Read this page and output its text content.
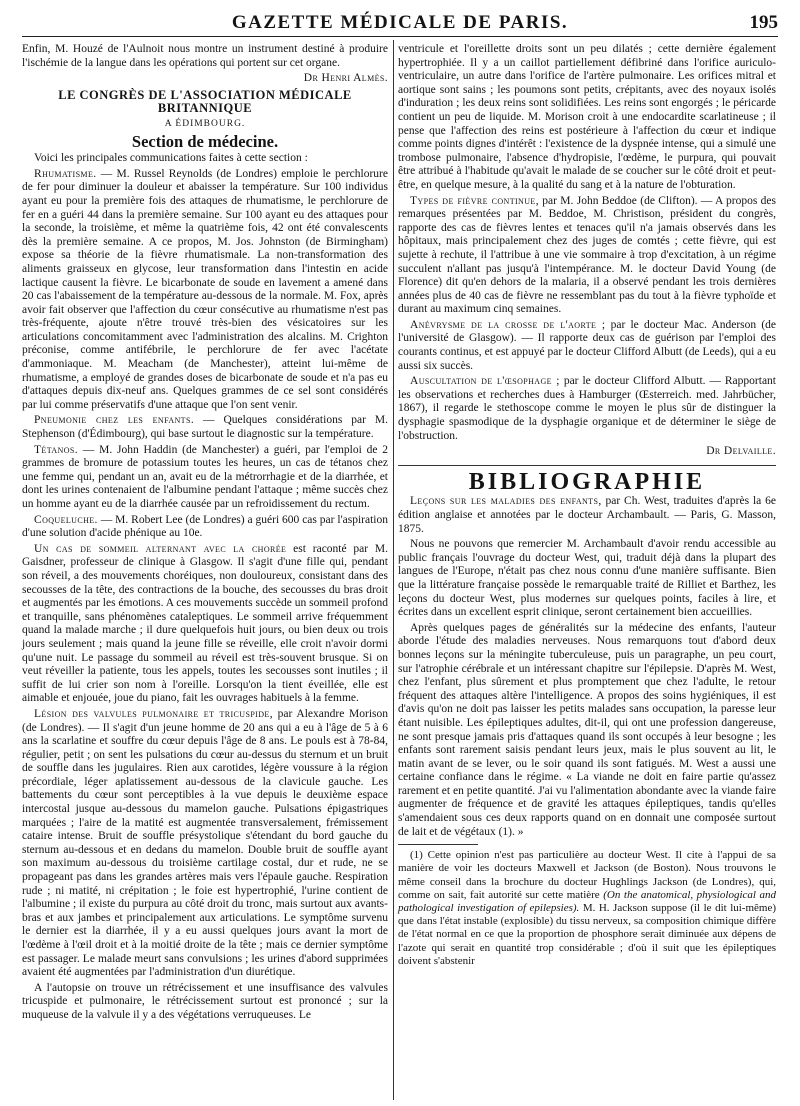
GAZETTE MÉDICALE DE PARIS.	195

Enfin, M. Houzé de l'Aulnoit nous montre un instrument destiné à produire l'ischémie de la langue dans les opérations qui portent sur cet organe.

Dr Henri Almès.

LE CONGRÈS DE L'ASSOCIATION MÉDICALE BRITANNIQUE

A ÉDIMBOURG.

Section de médecine.

Voici les principales communications faites à cette section :

Rhumatisme. — M. Russel Reynolds (de Londres) emploie le perchlorure de fer pour diminuer la douleur et abaisser la température. Sur 100 individus ayant eu pour la première fois des attaques de rhumatisme, le perchlorure de fer en a guéri 44 dans la première semaine. Sur 100 ayant eu des attaques pour la seconde, la troisième, et même la quatrième fois, 42 ont été convalescents dès la première semaine. A ce propos, M. Jos. Johnston (de Birmingham) expose sa théorie de la fièvre rhumatismale. La non-transformation des aliments graisseux en glycose, leur transformation dans l'intestin en acide lactique causent la fièvre. Le bicarbonate de soude en lavement a amené dans 20 cas l'abaissement de la température au-dessous de la normale. M. Fox, après avoir fait observer que l'affection du cœur consécutive au rhumatisme n'est pas très-fréquente, ajoute n'être trouvé très-bien des vésicatoires sur les articulations concomitamment avec l'administration des alcalins. M. Crighton préconise, comme antifébrile, le perchlorure de fer avec l'acétate d'ammoniaque. M. Meacham (de Manchester), atteint lui-même de rhumatisme, a employé de grandes doses de bicarbonate de soude et n'a pas eu d'attaques depuis dix-neuf ans. Quelques grammes de ce sel sont considérés par lui comme préservatifs d'une attaque que l'on sent venir.

Pneumonie chez les enfants. — Quelques considérations par M. Stephenson (d'Édimbourg), qui base surtout le diagnostic sur la température.

Tétanos. — M. John Haddin (de Manchester) a guéri, par l'emploi de 2 grammes de bromure de potassium toutes les heures, un cas de tétanos chez une femme qui, pendant un an, avait eu de la métrorrhagie et de la diarrhée, et dont les urines contenaient de l'albumine pendant l'attaque ; même succès chez un homme ayant eu de la diarrhée causée par un refroidissement du rectum.

Coqueluche. — M. Robert Lee (de Londres) a guéri 600 cas par l'aspiration d'une solution d'acide phénique au 10e.

Un cas de sommeil alternant avec la chorée est raconté par M. Gaisdner, professeur de clinique à Glasgow. Il s'agit d'une fille qui, pendant son réveil, a des mouvements choréiques, non douloureux, consistant dans des secousses de la tête, des contractions de la bouche, des secousses du bras droit et augmentés par les émotions. A ces mouvements succède un sommeil profond et tranquille, sans phénomènes cataleptiques. Le sommeil arrive fréquemment quand la malade marche ; il dure quelquefois huit jours, ou bien deux ou trois jours seulement ; mais quand la jeune fille se réveille, elle croit n'avoir dormi qu'une nuit. Le passage du sommeil au réveil est très-souvent brusque. Si on veut réveiller la patiente, tous les appels, toutes les secousses sont inutiles ; il suffit de lui crier son nom à l'oreille. Lorsqu'on la tient éveillée, elle est aimable et enjouée, joue du piano, fait les ouvrages habituels à la femme.

Lésion des valvules pulmonaire et tricuspide, par Alexandre Morison (de Londres). — Il s'agit d'un jeune homme de 20 ans qui a eu à l'âge de 5 à 6 ans la scarlatine et souffre du cœur depuis l'âge de 8 ans. Le pouls est à 78-84, régulier, petit ; on sent les pulsations du cœur au-dessus du sternum et un bruit de souffle dans les jugulaires. Rien aux carotides, légère voussure à la région précordiale, léger aplatissement au-dessous de la clavicule gauche. Les battements du cœur sont perceptibles à la vue depuis le deuxième espace intercostal jusque au-dessous du mamelon gauche. Pulsations épigastriques marquées ; l'aire de la matité est augmentée transversalement, frémissement cataire intense. Bruit de souffle présystolique s'étendant du bord gauche du sternum au-dessous et en dedans du mamelon. Double bruit de souffle ayant son maximum au-dessous du troisième cartilage costal, dur et rude, ne se propageant pas dans les grandes artères mais vers l'épaule gauche. Respiration rude ; ni matité, ni crépitation ; le foie est hypertrophié, l'urine contient de l'albumine ; il existe du purpura au côté droit du tronc, mais surtout aux avants-bras et aux jambes et principalement aux articulations. Le symptôme survenu le dernier est la diarrhée, il y a eu aussi quelques jours avant la mort de l'œdème à l'œil droit et à la moitié droite de la tête ; mais ce dernier symptôme est passager. Le malade meurt sans convulsions ; les urines d'abord supprimées avaient été augmentées par l'administration d'un diurétique.

A l'autopsie on trouve un rétrécissement et une insuffisance des valvules tricuspide et pulmonaire, le rétrécissement surtout est prononcé ; sur la muqueuse de la valvule il y a des végétations verruqueuses. Le

ventricule et l'oreillette droits sont un peu dilatés ; cette dernière également hypertrophiée. Il y a un caillot partiellement défibriné dans l'orifice auriculo-ventriculaire, un autre dans l'orifice de l'artère pulmonaire. Les orifices mitral et aortique sont sains ; les poumons sont petits, crépitants, avec des noyaux isolés d'induration ; les deux reins sont solidifiées. Les reins sont engorgés ; le péricarde contient un peu de liquide. M. Morison croit à une endocardite scarlatineuse ; il pense que l'affection des reins est postérieure à l'affection du cœur et indique comme points dignes d'intérêt : l'existence de la dyspnée intense, qui a simulé une trombose pulmonaire, l'absence d'hydropisie, l'œdème, le purpura, qui pouvait être attribué à l'habitude qu'avait le malade de se coucher sur le côté droit et peut-être, en quelque mesure, à la qualité du sang et à la nature de l'obturation.

Types de fièvre continue, par M. John Beddoe (de Clifton). — A propos des remarques présentées par M. Beddoe, M. Christison, président du congrès, rapporte des cas de fièvres lentes et tenaces qu'il n'a jamais observés dans les hôpitaux, mais principalement chez des juges de comtés ; cette fièvre, qui est sujette à rechute, il l'attribue à une vie sommaire à trop d'excitation, à un régime succulent n'allant pas jusqu'à l'intempérance. M. le docteur David Young (de Florence) dit qu'en dehors de la malaria, il a observé pendant les trois dernières années plus de 40 cas de fièvre ne ressemblant pas du tout à la fièvre typhoïde et durant au maximum cinq semaines.

Anévrysme de la crosse de l'aorte ; par le docteur Mac. Anderson (de l'université de Glasgow). — Il rapporte deux cas de guérison par l'emploi des courants continus, et est appuyé par le docteur Clifford Albutt (de Leeds), qui a eu aussi six succès.

Auscultation de l'œsophage ; par le docteur Clifford Albutt. — Rapportant les observations et recherches dues à Hamburger (Œsterreich. med. Jahrbücher, 1867), il regarde le stethoscope comme le moyen le plus sûr de distinguer la dysphagie spasmodique de la dysphagie organique et de déterminer le siège de l'obstruction.

Dr Delvaille.

BIBLIOGRAPHIE

Leçons sur les maladies des enfants, par Ch. West, traduites d'après la 6e édition anglaise et annotées par le docteur Archambault. — Paris, G. Masson, 1875.

Nous ne pouvons que remercier M. Archambault d'avoir rendu accessible au public français l'ouvrage du docteur West, qui, traduit déjà dans la plupart des langues de l'Europe, n'était pas chez nous connu d'une manière suffisante. Bien que la littérature française possède le remarquable traité de Rilliet et Barthez, les leçons du docteur West, plus modernes sur quelques points, faciles à lire, et écrites dans un excellent esprit clinique, seront certainement bien accueillies.

Après quelques pages de généralités sur la médecine des enfants, l'auteur aborde l'étude des maladies nerveuses. Nous remarquons tout d'abord deux bonnes leçons sur la méningite tuberculeuse, puis un paragraphe, un peu court, sur l'atrophie cérébrale et un intéressant chapitre sur l'épilepsie. D'après M. West, chez l'enfant, plus sûrement et plus promptement que chez l'adulte, le retour fréquent des attaques altère l'intelligence. A propos des soins hygiéniques, il est d'avis qu'on ne doit pas laisser les petits malades sans occupation, la paresse leur étant nuisible. Les épileptiques adultes, dit-il, qui ont une profession dangereuse, ne sont presque jamais pris d'attaques quand ils sont occupés à leur besogne ; les enfants sont rarement saisis pendant leurs jeux, mais le plus souvent au lit, le matin avant de se lever, ou le soir quand ils sont fatigués. M. West a aussi une certaine confiance dans le régime. « La viande ne doit en faire partie qu'assez rarement et en petite quantité. J'ai vu l'alimentation abondante avec la viande faire augmenter de fréquence et de gravité les attaques épileptiques, tandis qu'elles s'amendaient sous ces deux rapports quand on en donnait une composée surtout de lait et de végétaux (1). »

(1) Cette opinion n'est pas particulière au docteur West. Il cite à l'appui de sa manière de voir les docteurs Maxwell et Jackson (de Boston). Nous trouvons le même conseil dans la brochure du docteur Hughlings Jackson (de Londres), qui, comme on sait, fait autorité sur cette matière (On the anatomical, physiological and pathological investigation of epilepsies). M. H. Jackson suppose (il le dit lui-même) que dans l'état instable (explosible) du tissu nerveux, sa composition chimique diffère de l'état normal en ce que la proportion de phosphore serait diminuée aux dépens de l'azote qui serait en quantité trop considérable ; d'où il suit que les épileptiques doivent s'abstenir
